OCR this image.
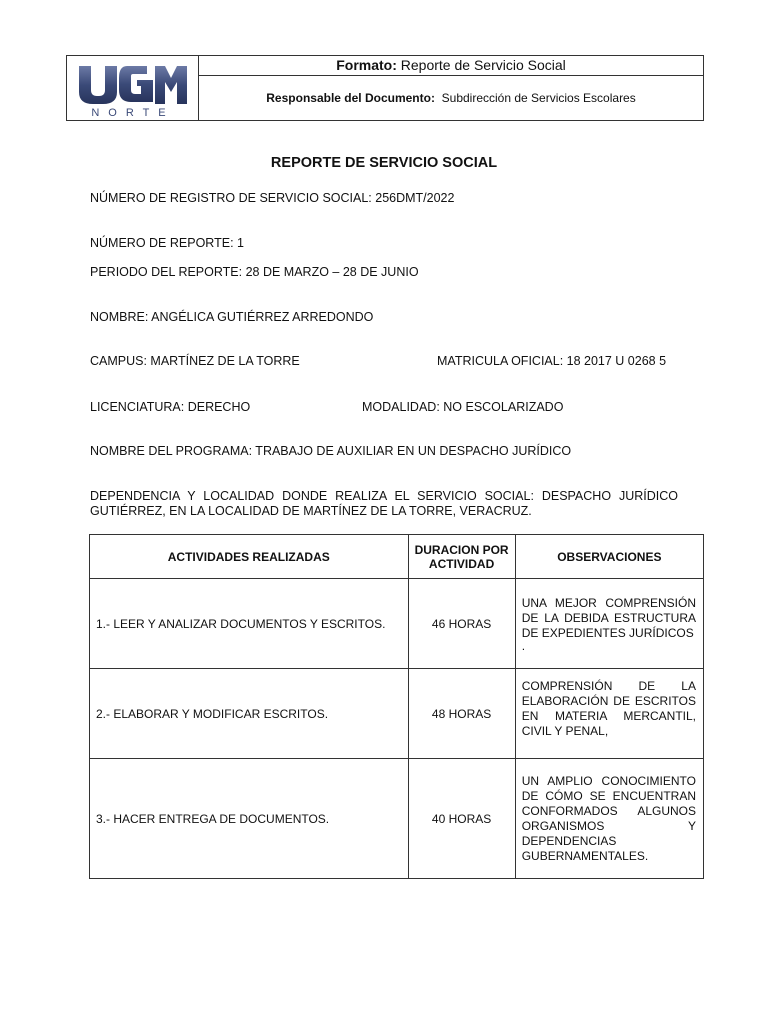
NORTE
Formato: Reporte de Servicio Social
Responsable del Documento: Subdirección de Servicios Escolares
REPORTE DE SERVICIO SOCIAL
NÚMERO DE REGISTRO DE SERVICIO SOCIAL: 256DMT/2022
NÚMERO DE REPORTE: 1
PERIODO DEL REPORTE: 28 DE MARZO – 28 DE JUNIO
NOMBRE: ANGÉLICA GUTIÉRREZ ARREDONDO
CAMPUS: MARTÍNEZ DE LA TORRE	MATRICULA OFICIAL: 18 2017 U 0268 5
LICENCIATURA: DERECHO	MODALIDAD: NO ESCOLARIZADO
NOMBRE DEL PROGRAMA: TRABAJO DE AUXILIAR EN UN DESPACHO JURÍDICO
DEPENDENCIA Y LOCALIDAD DONDE REALIZA EL SERVICIO SOCIAL: DESPACHO JURÍDICO GUTIÉRREZ, EN LA LOCALIDAD DE MARTÍNEZ DE LA TORRE, VERACRUZ.
ACTIVIDADES REALIZADAS	DURACION POR ACTIVIDAD	OBSERVACIONES
1.- LEER Y ANALIZAR DOCUMENTOS Y ESCRITOS.	46 HORAS	UNA MEJOR COMPRENSIÓN DE LA DEBIDA ESTRUCTURA DE EXPEDIENTES JURÍDICOS
.

2.- ELABORAR Y MODIFICAR ESCRITOS.	48 HORAS	COMPRENSIÓN DE LA ELABORACIÓN DE ESCRITOS EN MATERIA MERCANTIL, CIVIL Y PENAL,

3.- HACER ENTREGA DE DOCUMENTOS.	40 HORAS	UN AMPLIO CONOCIMIENTO DE CÓMO SE ENCUENTRAN CONFORMADOS ALGUNOS ORGANISMOS Y DEPENDENCIAS GUBERNAMENTALES.
